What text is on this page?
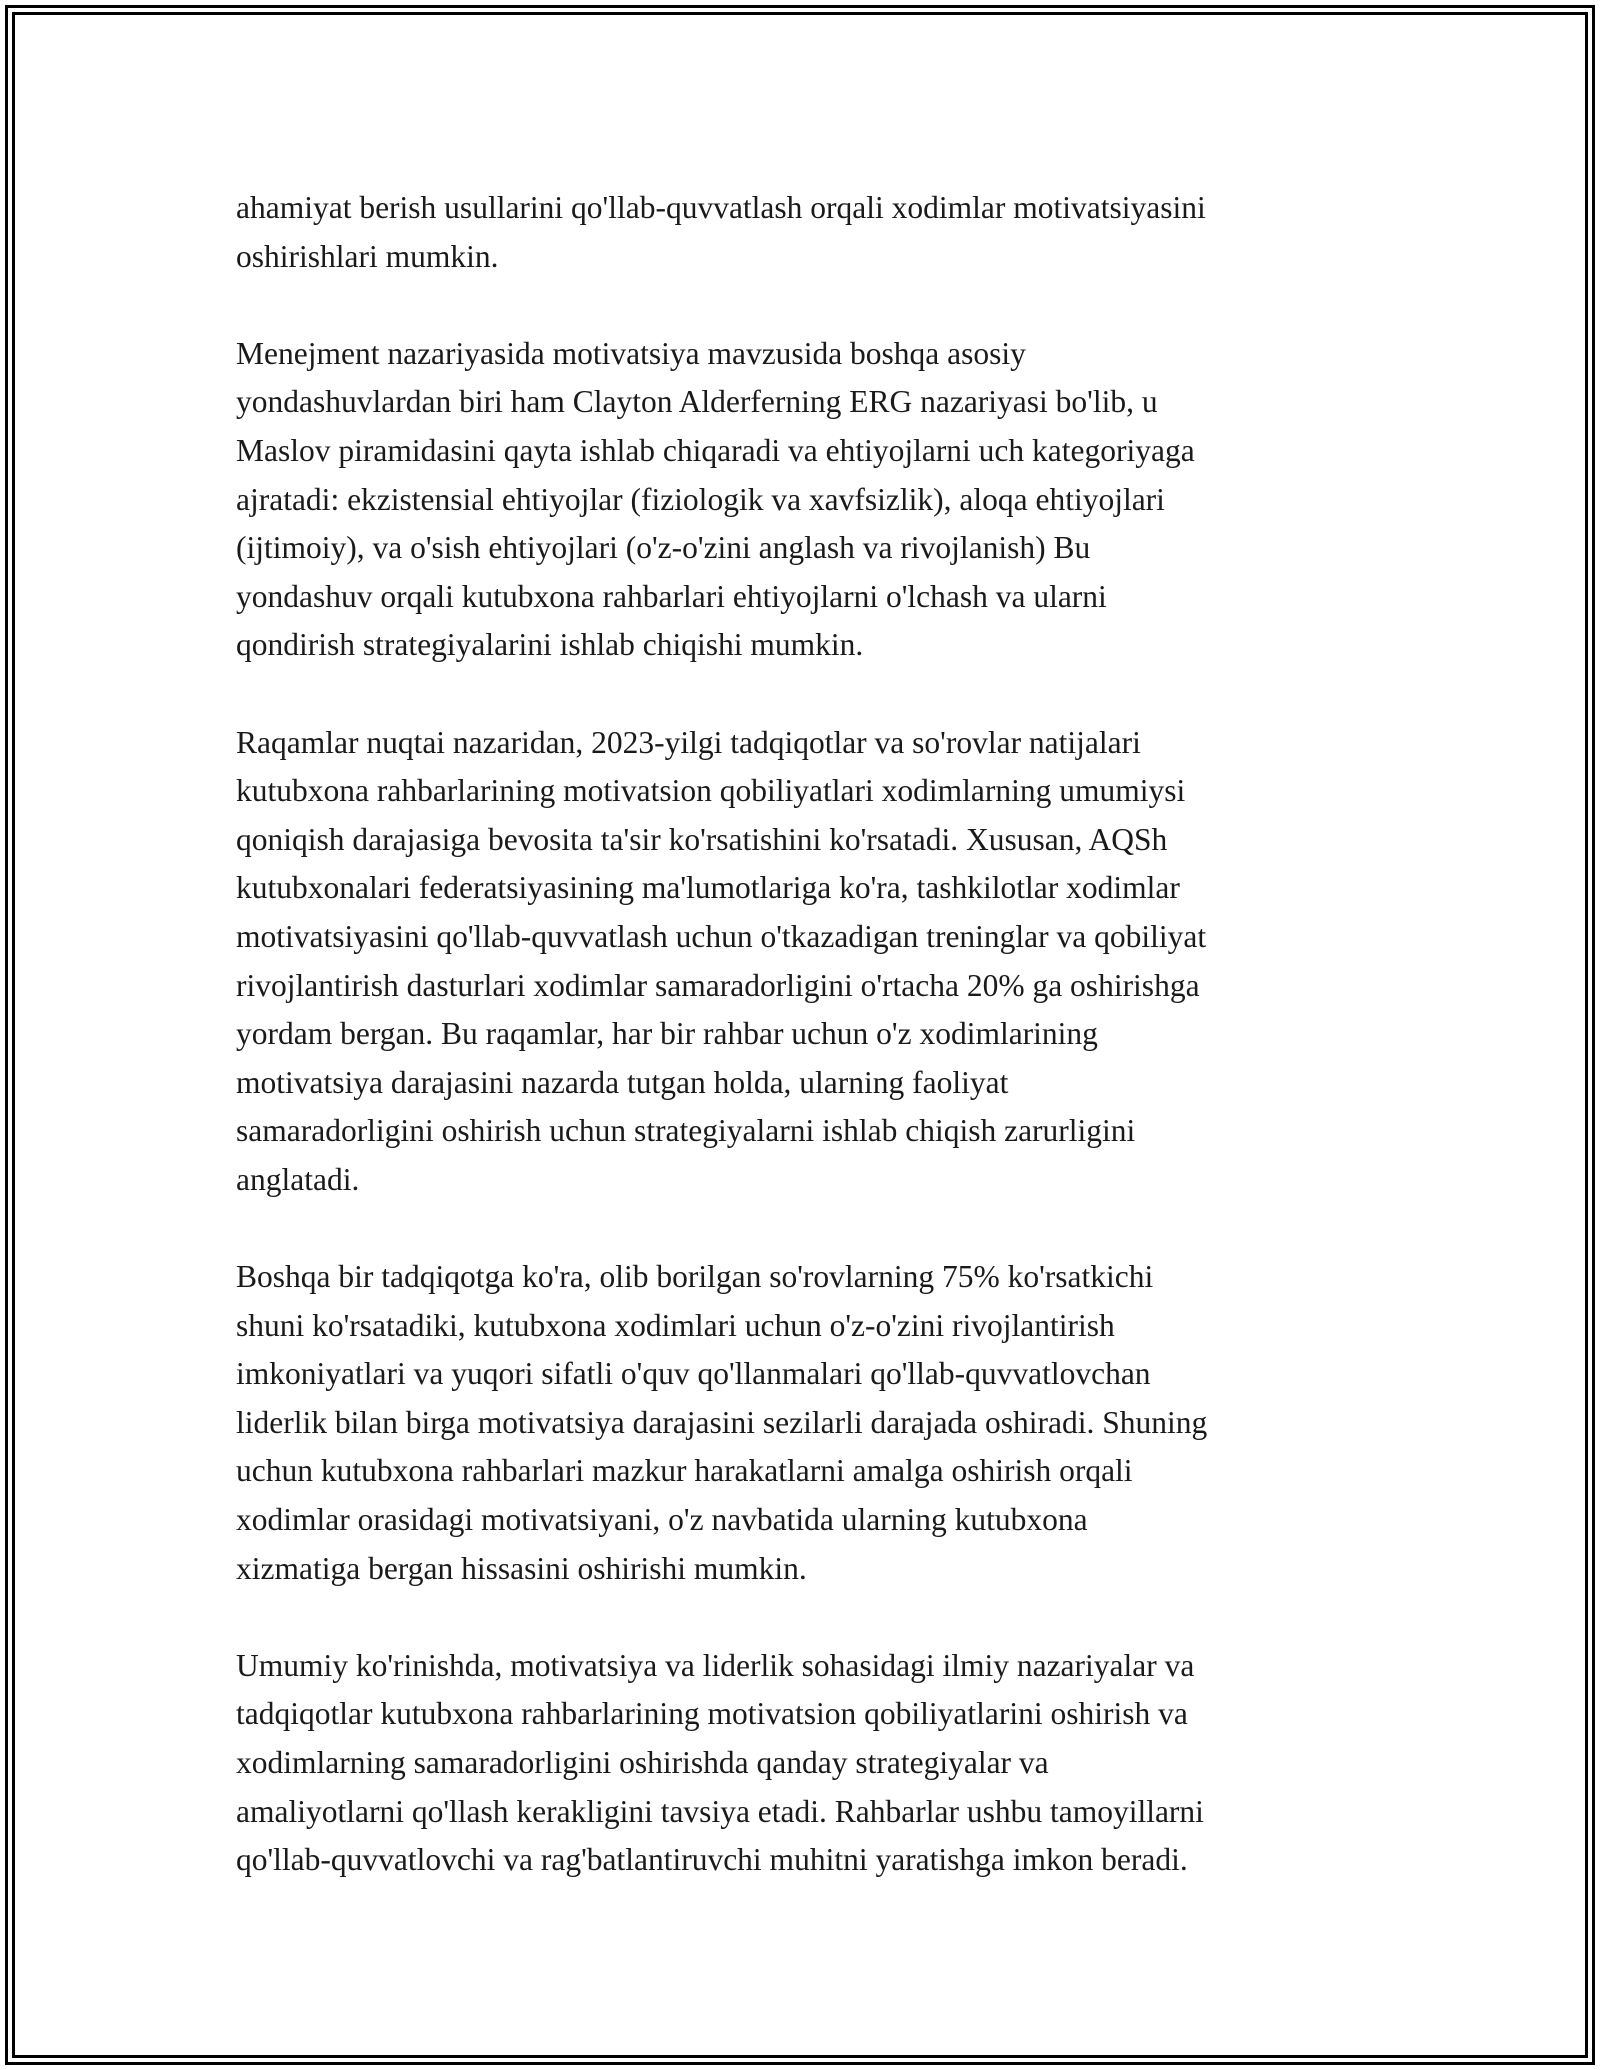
ahamiyat berish usullarini qo'llab-quvvatlash orqali xodimlar motivatsiyasini
oshirishlari mumkin.

Menejment nazariyasida motivatsiya mavzusida boshqa asosiy
yondashuvlardan biri ham Clayton Alderferning ERG nazariyasi bo'lib, u
Maslov piramidasini qayta ishlab chiqaradi va ehtiyojlarni uch kategoriyaga
ajratadi: ekzistensial ehtiyojlar (fiziologik va xavfsizlik), aloqa ehtiyojlari
(ijtimoiy), va o'sish ehtiyojlari (o'z-o'zini anglash va rivojlanish) Bu
yondashuv orqali kutubxona rahbarlari ehtiyojlarni o'lchash va ularni
qondirish strategiyalarini ishlab chiqishi mumkin.

Raqamlar nuqtai nazaridan, 2023-yilgi tadqiqotlar va so'rovlar natijalari
kutubxona rahbarlarining motivatsion qobiliyatlari xodimlarning umumiysi
qoniqish darajasiga bevosita ta'sir ko'rsatishini ko'rsatadi. Xususan, AQSh
kutubxonalari federatsiyasining ma'lumotlariga ko'ra, tashkilotlar xodimlar
motivatsiyasini qo'llab-quvvatlash uchun o'tkazadigan treninglar va qobiliyat
rivojlantirish dasturlari xodimlar samaradorligini o'rtacha 20% ga oshirishga
yordam bergan. Bu raqamlar, har bir rahbar uchun o'z xodimlarining
motivatsiya darajasini nazarda tutgan holda, ularning faoliyat
samaradorligini oshirish uchun strategiyalarni ishlab chiqish zarurligini
anglatadi.

Boshqa bir tadqiqotga ko'ra, olib borilgan so'rovlarning 75% ko'rsatkichi
shuni ko'rsatadiki, kutubxona xodimlari uchun o'z-o'zini rivojlantirish
imkoniyatlari va yuqori sifatli o'quv qo'llanmalari qo'llab-quvvatlovchan
liderlik bilan birga motivatsiya darajasini sezilarli darajada oshiradi. Shuning
uchun kutubxona rahbarlari mazkur harakatlarni amalga oshirish orqali
xodimlar orasidagi motivatsiyani, o'z navbatida ularning kutubxona
xizmatiga bergan hissasini oshirishi mumkin.

Umumiy ko'rinishda, motivatsiya va liderlik sohasidagi ilmiy nazariyalar va
tadqiqotlar kutubxona rahbarlarining motivatsion qobiliyatlarini oshirish va
xodimlarning samaradorligini oshirishda qanday strategiyalar va
amaliyotlarni qo'llash kerakligini tavsiya etadi. Rahbarlar ushbu tamoyillarni
qo'llab-quvvatlovchi va rag'batlantiruvchi muhitni yaratishga imkon beradi.
